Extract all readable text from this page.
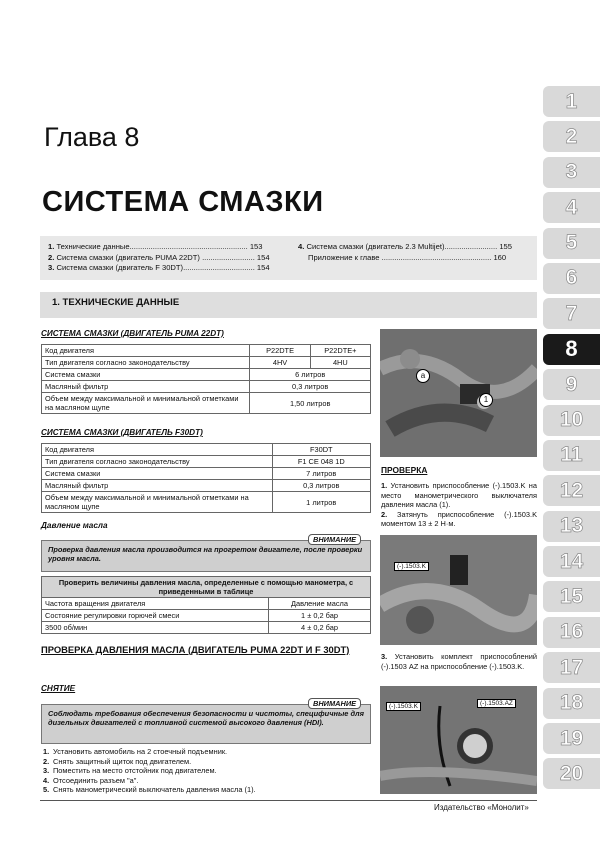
1
2
3
4
5
6
7
8
9
10
11
12
13
14
15
16
17
18
19
20
Глава 8
СИСТЕМА СМАЗКИ
1. Технические данные........................................................ 153
2. Система смазки (двигатель PUMA 22DT) ......................... 154
3. Система смазки (двигатель F 30DT).................................. 154
4. Система смазки (двигатель 2.3 Multijet)......................... 155
Приложение к главе .................................................... 160
1. ТЕХНИЧЕСКИЕ ДАННЫЕ
СИСТЕМА СМАЗКИ (ДВИГАТЕЛЬ PUMA 22DT)
Код двигателя	P22DTE	P22DTE+
Тип двигателя согласно законодательству	4HV	4HU
Система смазки	6 литров	
Масляный фильтр	0,3 литров	
Объем между максимальной и минимальной отметками на масляном щупе	1,50 литров	
СИСТЕМА СМАЗКИ (ДВИГАТЕЛЬ F30DT)
Код двигателя	F30DT
Тип двигателя согласно законодательству	F1 CE 048 1D
Система смазки	7 литров
Масляный фильтр	0,3 литров
Объем между максимальной и минимальной отметками на масляном щупе	1 литров
Давление масла
Проверка давления масла производится на прогретом двигателе, после проверки уровня масла.
ВНИМАНИЕ
Проверить величины давления масла, определенные с помощью манометра, с приведенными в таблице	
Частота вращения двигателя	Давление масла
Состояние регулировки горючей смеси	1 ± 0,2 бар
3500 об/мин	4 ± 0,2 бар
ПРОВЕРКА ДАВЛЕНИЯ МАСЛА (ДВИГАТЕЛЬ PUMA 22DT И F 30DT)
СНЯТИЕ
Соблюдать требования обеспечения безопасности и чистоты, специфичные для дизельных двигателей с топливной системой высокого давления (HDI).
ВНИМАНИЕ
1. Установить автомобиль на 2 стоечный подъемник.
2. Снять защитный щиток под двигателем.
3. Поместить на место отстойник под двигателем.
4. Отсоединить разъем "а".
5. Снять манометрический выключатель давления масла (1).
a
1
ПРОВЕРКА
1. Установить приспособление (-).1503.K на место манометрического выключателя давления масла (1).
2. Затянуть приспособление (-).1503.K моментом 13 ± 2 Н·м.
(-).1503.K
3. Установить комплект приспособлений (-).1503 AZ на приспособление (-).1503.K.
(-).1503.K	(-).1503.AZ
Издательство «Монолит»
